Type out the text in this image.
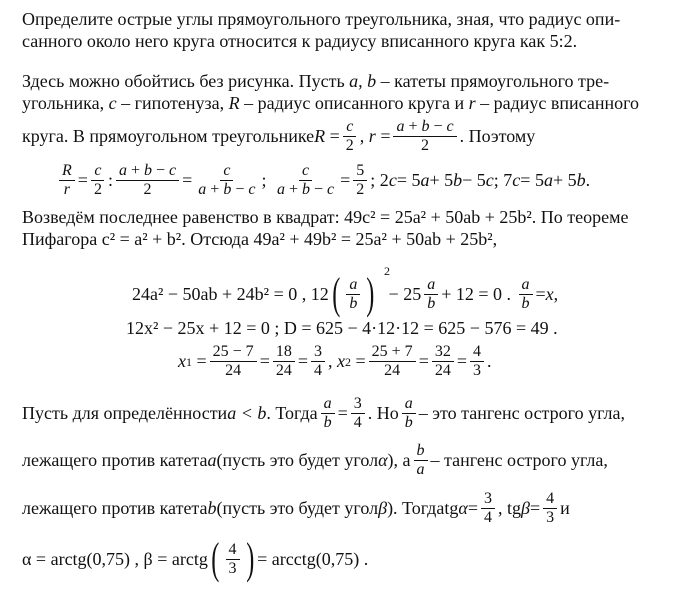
Определите острые углы прямоугольного треугольника, зная, что радиус опи-
санного около него круга относится к радиусу вписанного круга как 5:2.
Здесь можно обойтись без рисунка. Пусть a, b – катеты прямоугольного тре-
угольника, c – гипотенуза, R – радиус описанного круга и r – радиус вписанного
круга. В прямоугольном треугольнике $R = \frac{c}{2}$ , $r = \frac{a + b - c}{2}$ . Поэтому
$\frac{R}{r} = \frac{c}{2}$ : $\frac{a + b - c}{2} = \frac{c}{a + b - c}$ ; $\frac{c}{a + b - c} = \frac{5}{2}$ ; 2 c = 5 a + 5 b − 5 c ; 7 c = 5 a + 5 b .
Возведём последнее равенство в квадрат: 49c² = 25a² + 50ab + 25b². По теореме
Пифагора c² = a² + b². Отсюда 49a² + 49b² = 25a² + 50ab + 25b²,
24a² − 50ab + 24b² = 0 , 12 ( $\frac{a}{b}$ ) 2
− $25 \frac{a}{b} + 12 = 0$ . $\frac{a}{b} = x$ ,
12x² − 25x + 12 = 0 ;
D = 625 − 4·12·12 = 625 − 576 = 49 .
x $1 = \frac{25 - 7}{24} = \frac{18}{24} = \frac{3}{4}$ , x $2 = \frac{25 + 7}{24} = \frac{32}{24} = \frac{4}{3}$ .
Пусть для определённости a < b . Тогда $\frac{a}{b} = \frac{3}{4}$ . Но $\frac{a}{b}$ – это тангенс острого угла,
лежащего против катета a (пусть это будет угол α ), а $\frac{b}{a}$ – тангенс острого угла,
лежащего против катета b (пусть это будет угол β ). Тогда tg $\alpha = \frac{3}{4}$ , tg $\beta = \frac{4}{3}$ и
α = arctg(0,75) ,
β = arctg ( $\frac{4}{3}$ ) = arcctg(0,75) .
